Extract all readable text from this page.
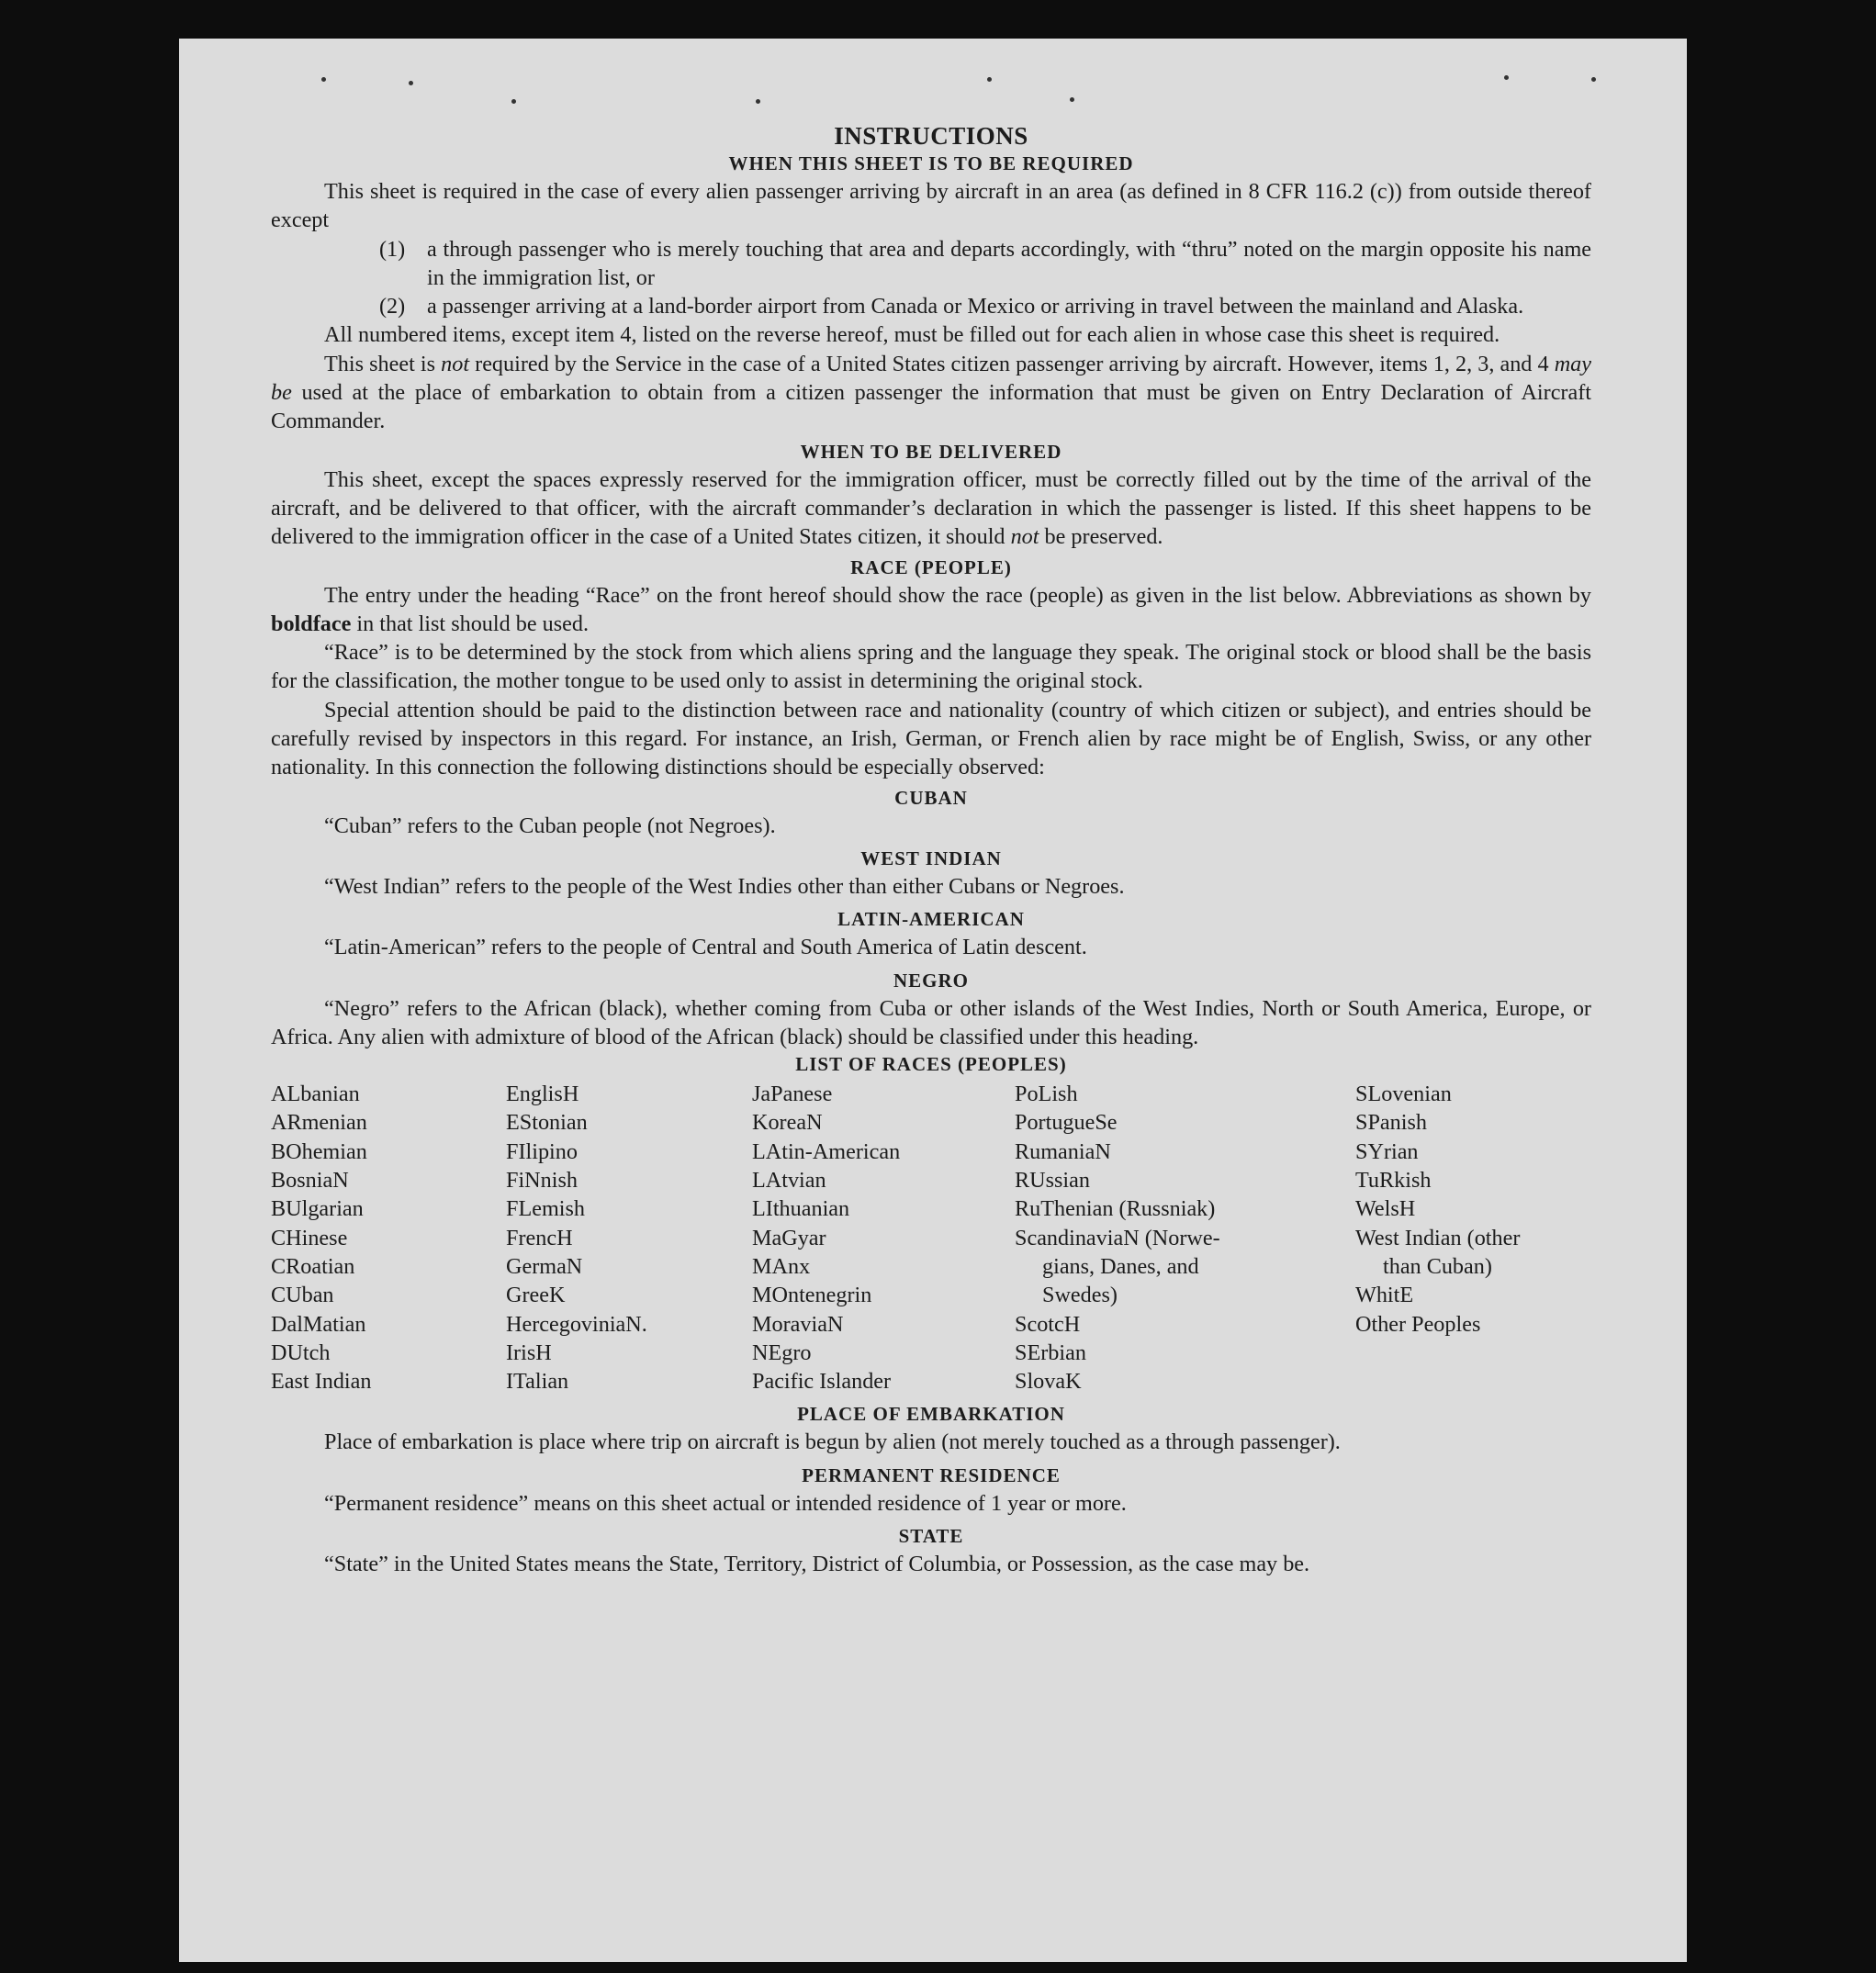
INSTRUCTIONS
WHEN THIS SHEET IS TO BE REQUIRED

This sheet is required in the case of every alien passenger arriving by aircraft in an area (as defined in 8 CFR 116.2 (c)) from outside thereof except

(1) a through passenger who is merely touching that area and departs accordingly, with “thru” noted on the margin opposite his name in the immigration list, or
(2) a passenger arriving at a land-border airport from Canada or Mexico or arriving in travel between the mainland and Alaska.

All numbered items, except item 4, listed on the reverse hereof, must be filled out for each alien in whose case this sheet is required.

This sheet is not required by the Service in the case of a United States citizen passenger arriving by aircraft. However, items 1, 2, 3, and 4 may be used at the place of embarkation to obtain from a citizen passenger the information that must be given on Entry Declaration of Aircraft Commander.

WHEN TO BE DELIVERED

This sheet, except the spaces expressly reserved for the immigration officer, must be correctly filled out by the time of the arrival of the aircraft, and be delivered to that officer, with the aircraft commander’s declaration in which the passenger is listed. If this sheet happens to be delivered to the immigration officer in the case of a United States citizen, it should not be preserved.

RACE (PEOPLE)

The entry under the heading “Race” on the front hereof should show the race (people) as given in the list below. Abbreviations as shown by boldface in that list should be used.

“Race” is to be determined by the stock from which aliens spring and the language they speak. The original stock or blood shall be the basis for the classification, the mother tongue to be used only to assist in determining the original stock.

Special attention should be paid to the distinction between race and nationality (country of which citizen or subject), and entries should be carefully revised by inspectors in this regard. For instance, an Irish, German, or French alien by race might be of English, Swiss, or any other nationality. In this connection the following distinctions should be especially observed:

CUBAN

“Cuban” refers to the Cuban people (not Negroes).

WEST INDIAN

“West Indian” refers to the people of the West Indies other than either Cubans or Negroes.

LATIN-AMERICAN

“Latin-American” refers to the people of Central and South America of Latin descent.

NEGRO

“Negro” refers to the African (black), whether coming from Cuba or other islands of the West Indies, North or South America, Europe, or Africa. Any alien with admixture of blood of the African (black) should be classified under this heading.

LIST OF RACES (PEOPLES)
ALbanian
ARmenian
BOhemian
BosniaN
BUlgarian
CHinese
CRoatian
CUban
DalMatian
DUtch
East Indian
EnglisH
EStonian
FIlipino
FiNnish
FLemish
FrencH
GermaN
GreeK
HercegoviniaN.
IrisH
ITalian
JaPanese
KoreaN
LAtin-American
LAtvian
LIthuanian
MaGyar
MAnx
MOntenegrin
MoraviaN
NEgro
Pacific Islander
PoLish
PortugueSe
RumaniaN
RUssian
RuThenian (Russniak)
ScandinaviaN (Norwe-
gians, Danes, and
Swedes)
ScotcH
SErbian
SlovaK
SLovenian
SPanish
SYrian
TuRkish
WelsH
West Indian (other
than Cuban)
WhitE
Other Peoples
PLACE OF EMBARKATION

Place of embarkation is place where trip on aircraft is begun by alien (not merely touched as a through passenger).

PERMANENT RESIDENCE

“Permanent residence” means on this sheet actual or intended residence of 1 year or more.

STATE

“State” in the United States means the State, Territory, District of Columbia, or Possession, as the case may be.
